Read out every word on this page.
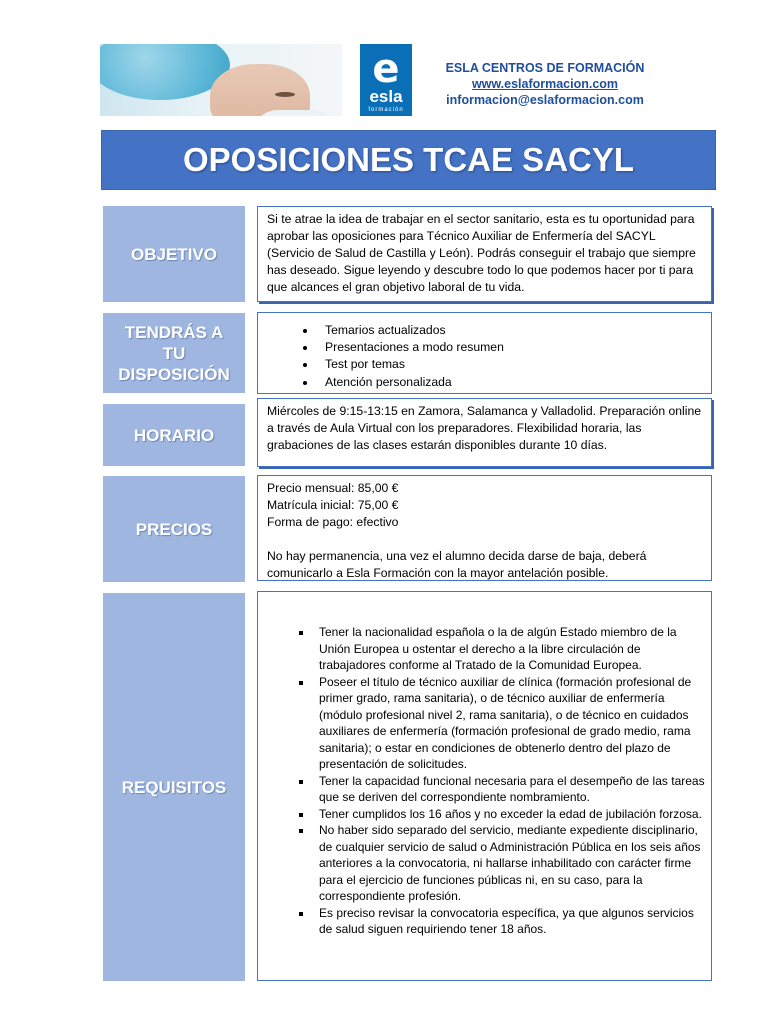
e
esla
formación
ESLA CENTROS DE FORMACIÓN
www.eslaformacion.com
informacion@eslaformacion.com
OPOSICIONES TCAE SACYL
OBJETIVO

Si te atrae la idea de trabajar en el sector sanitario, esta es tu oportunidad para aprobar las oposiciones para Técnico Auxiliar de Enfermería del SACYL (Servicio de Salud de Castilla y León). Podrás conseguir el trabajo que siempre has deseado. Sigue leyendo y descubre todo lo que podemos hacer por ti para que alcances el gran objetivo laboral de tu vida.

TENDRÁS A TU DISPOSICIÓN
• Temarios actualizados
• Presentaciones a modo resumen
• Test por temas
• Atención personalizada
HORARIO

Miércoles de 9:15-13:15 en Zamora, Salamanca y Valladolid. Preparación online a través de Aula Virtual con los preparadores. Flexibilidad horaria, las grabaciones de las clases estarán disponibles durante 10 días.

PRECIOS

Precio mensual: 85,00 €

Matrícula inicial: 75,00 €

Forma de pago: efectivo

No hay permanencia, una vez el alumno decida darse de baja, deberá comunicarlo a Esla Formación con la mayor antelación posible.

REQUISITOS
▪ Tener la nacionalidad española o la de algún Estado miembro de la Unión Europea u ostentar el derecho a la libre circulación de trabajadores conforme al Tratado de la Comunidad Europea.
▪ Poseer el título de técnico auxiliar de clínica (formación profesional de primer grado, rama sanitaria), o de técnico auxiliar de enfermería (módulo profesional nivel 2, rama sanitaria), o de técnico en cuidados auxiliares de enfermería (formación profesional de grado medio, rama sanitaria); o estar en condiciones de obtenerlo dentro del plazo de presentación de solicitudes.
▪ Tener la capacidad funcional necesaria para el desempeño de las tareas que se deriven del correspondiente nombramiento.
▪ Tener cumplidos los 16 años y no exceder la edad de jubilación forzosa.
▪ No haber sido separado del servicio, mediante expediente disciplinario, de cualquier servicio de salud o Administración Pública en los seis años anteriores a la convocatoria, ni hallarse inhabilitado con carácter firme para el ejercicio de funciones públicas ni, en su caso, para la correspondiente profesión.
▪ Es preciso revisar la convocatoria específica, ya que algunos servicios de salud siguen requiriendo tener 18 años.
